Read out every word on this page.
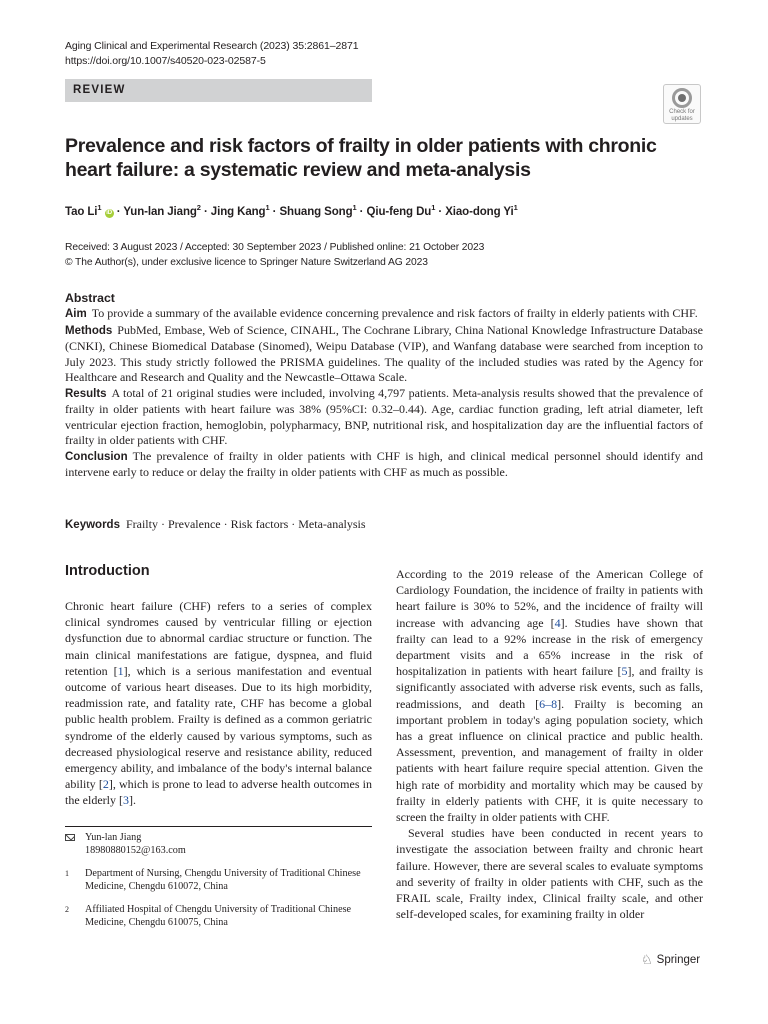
Aging Clinical and Experimental Research (2023) 35:2861–2871
https://doi.org/10.1007/s40520-023-02587-5
REVIEW
Check for
updates
Prevalence and risk factors of frailty in older patients with chronic heart failure: a systematic review and meta-analysis
Tao Li$^1$ iD · Yun-lan Jiang$^2$ · Jing Kang$^1$ · Shuang Song$^1$ · Qiu-feng $Du^1$ · Xiao-dong Yi$^1$
Received: 3 August 2023 / Accepted: 30 September 2023 / Published online: 21 October 2023
© The Author(s), under exclusive licence to Springer Nature Switzerland AG 2023
Abstract

Aim To provide a summary of the available evidence concerning prevalence and risk factors of frailty in elderly patients with CHF.

Methods PubMed, Embase, Web of Science, CINAHL, The Cochrane Library, China National Knowledge Infrastructure Database (CNKI), Chinese Biomedical Database (Sinomed), Weipu Database (VIP), and Wanfang database were searched from inception to July 2023. This study strictly followed the PRISMA guidelines. The quality of the included studies was rated by the Agency for Healthcare and Research and Quality and the Newcastle–Ottawa Scale.

Results A total of 21 original studies were included, involving 4,797 patients. Meta-analysis results showed that the prevalence of frailty in older patients with heart failure was 38% (95%CI: 0.32–0.44). Age, cardiac function grading, left atrial diameter, left ventricular ejection fraction, hemoglobin, polypharmacy, BNP, nutritional risk, and hospitalization day are the influential factors of frailty in older patients with CHF.

Conclusion The prevalence of frailty in older patients with CHF is high, and clinical medical personnel should identify and intervene early to reduce or delay the frailty in older patients with CHF as much as possible.

Keywords Frailty · Prevalence · Risk factors · Meta-analysis
Introduction

Chronic heart failure (CHF) refers to a series of complex clinical syndromes caused by ventricular filling or ejection dysfunction due to abnormal cardiac structure or function. The main clinical manifestations are fatigue, dyspnea, and fluid retention [1], which is a serious manifestation and eventual outcome of various heart diseases. Due to its high morbidity, readmission rate, and fatality rate, CHF has become a global public health problem. Frailty is defined as a common geriatric syndrome of the elderly caused by various symptoms, such as decreased physiological reserve and resistance ability, reduced emergency ability, and imbalance of the body's internal balance ability [2], which is prone to lead to adverse health outcomes in the elderly [3].

According to the 2019 release of the American College of Cardiology Foundation, the incidence of frailty in patients with heart failure is 30% to 52%, and the incidence of frailty will increase with advancing age [4]. Studies have shown that frailty can lead to a 92% increase in the risk of emergency department visits and a 65% increase in the risk of hospitalization in patients with heart failure [5], and frailty is significantly associated with adverse risk events, such as falls, readmissions, and death [6–8]. Frailty is becoming an important problem in today's aging population society, which has a great influence on clinical practice and public health. Assessment, prevention, and management of frailty in older patients with heart failure require special attention. Given the high rate of morbidity and mortality which may be caused by frailty in elderly patients with CHF, it is quite necessary to screen the frailty in older patients with CHF.

Several studies have been conducted in recent years to investigate the association between frailty and chronic heart failure. However, there are several scales to evaluate symptoms and severity of frailty in older patients with CHF, such as the FRAIL scale, Frailty index, Clinical frailty scale, and other self-developed scales, for examining frailty in older

Yun-lan Jiang
18980880152@163.com
1 Department of Nursing, Chengdu University of Traditional Chinese Medicine, Chengdu 610072, China
2 Affiliated Hospital of Chengdu University of Traditional Chinese Medicine, Chengdu 610075, China
♘ Springer
